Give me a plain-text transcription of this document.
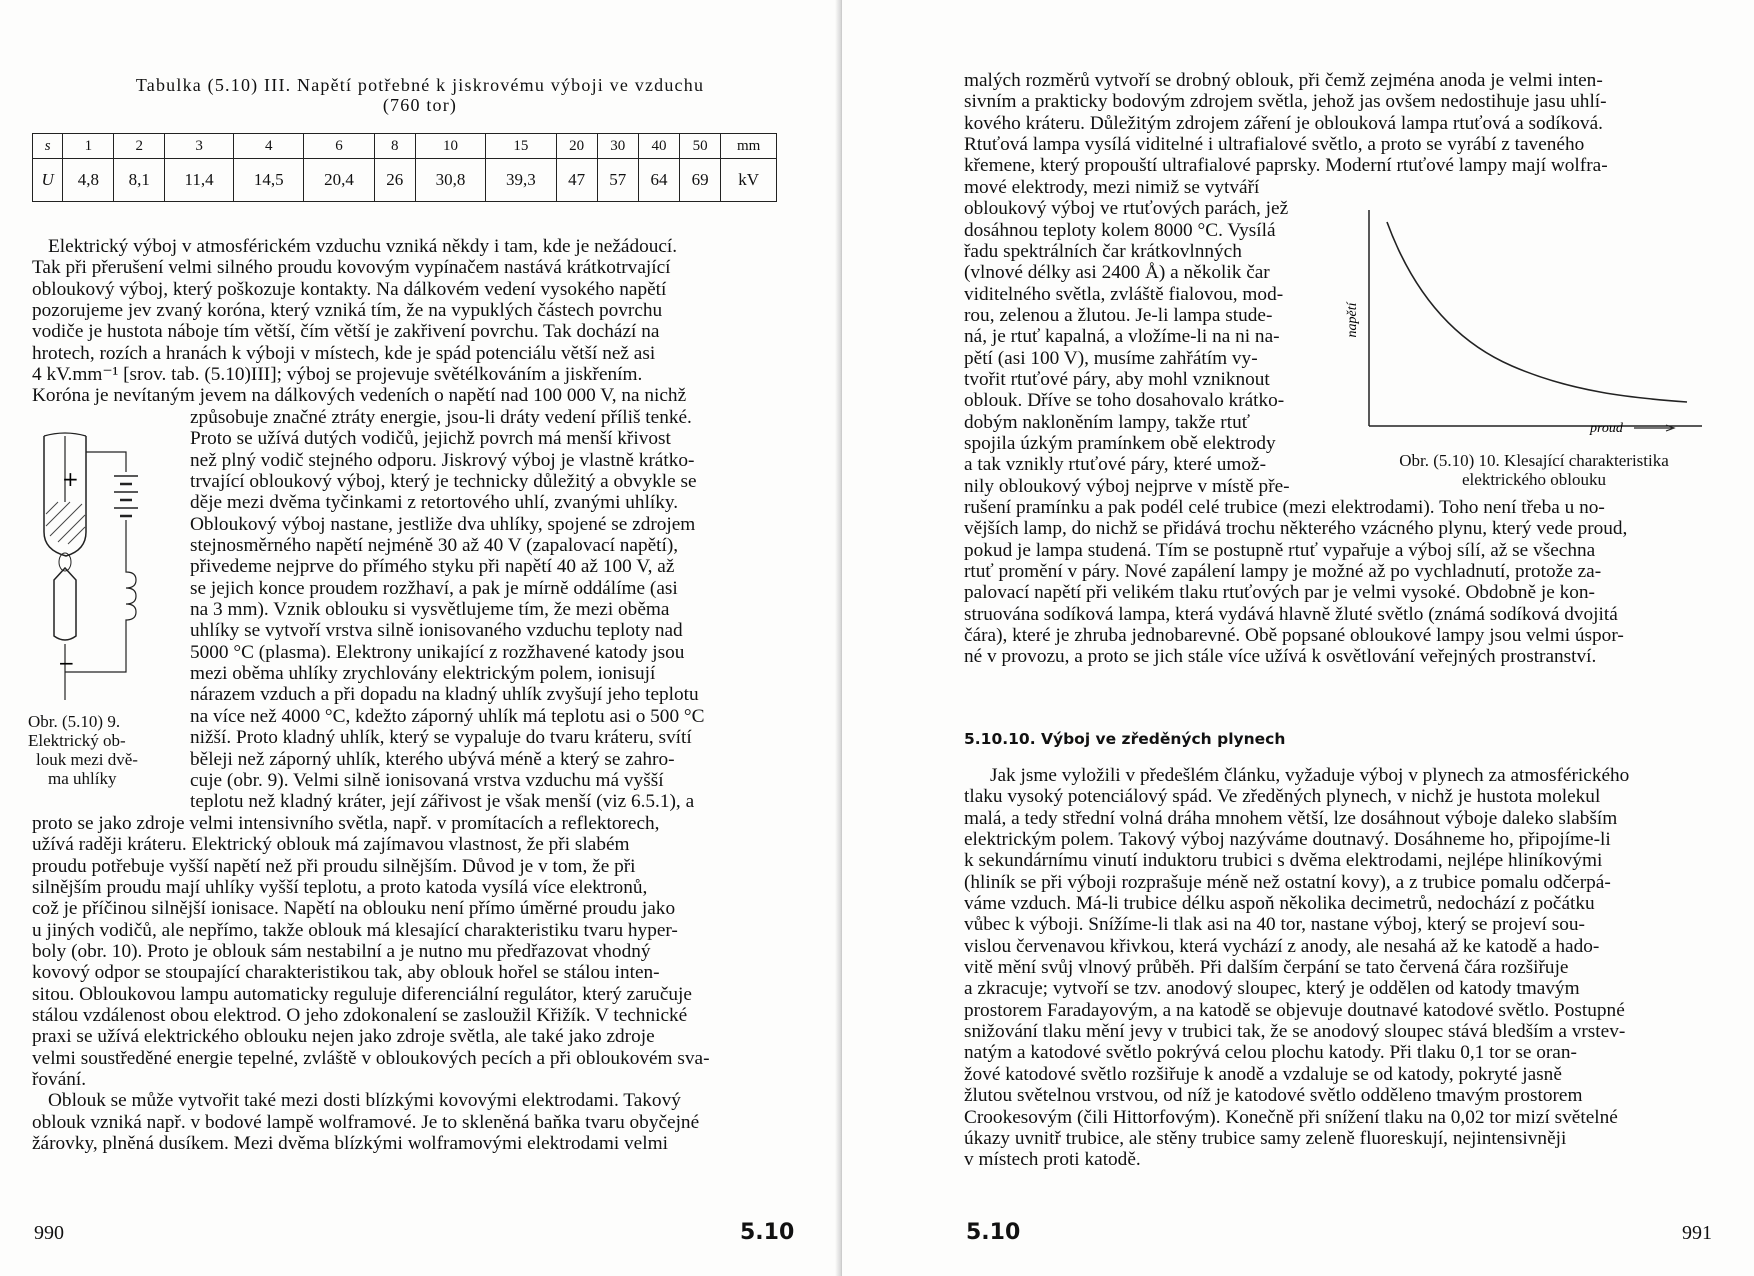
Tabulka (5.10) III. Napětí potřebné k jiskrovému výboji ve vzduchu
(760 tor)
s	1	2	3	4	6	8	10	15	20	30	40	50	mm
U	4,8	8,1	11,4	14,5	20,4	26	30,8	39,3	47	57	64	69	kV

Elektrický výboj v atmosférickém vzduchu vzniká někdy i tam, kde je nežádoucí.

Tak při přerušení velmi silného proudu kovovým vypínačem nastává krátkotrvající

obloukový výboj, který poškozuje kontakty. Na dálkovém vedení vysokého napětí

pozorujeme jev zvaný koróna, který vzniká tím, že na vypuklých částech povrchu

vodiče je hustota náboje tím větší, čím větší je zakřivení povrchu. Tak dochází na

hrotech, rozích a hranách k výboji v místech, kde je spád potenciálu větší než asi

4 kV.mm⁻¹ [srov. tab. (5.10)III]; výboj se projevuje světélkováním a jiskřením.

Koróna je nevítaným jevem na dálkových vedeních o napětí nad 100 000 V, na nichž

+
−
Obr. (5.10) 9.
Elektrický ob-
louk mezi dvě-
ma uhlíky

způsobuje značné ztráty energie, jsou-li dráty vedení příliš tenké.

Proto se užívá dutých vodičů, jejichž povrch má menší křivost

než plný vodič stejného odporu. Jiskrový výboj je vlastně krátko-

trvající obloukový výboj, který je technicky důležitý a obvykle se

děje mezi dvěma tyčinkami z retortového uhlí, zvanými uhlíky.

Obloukový výboj nastane, jestliže dva uhlíky, spojené se zdrojem

stejnosměrného napětí nejméně 30 až 40 V (zapalovací napětí),

přivedeme nejprve do přímého styku při napětí 40 až 100 V, až

se jejich konce proudem rozžhaví, a pak je mírně oddálíme (asi

na 3 mm). Vznik oblouku si vysvětlujeme tím, že mezi oběma

uhlíky se vytvoří vrstva silně ionisovaného vzduchu teploty nad

5000 °C (plasma). Elektrony unikající z rozžhavené katody jsou

mezi oběma uhlíky zrychlovány elektrickým polem, ionisují

nárazem vzduch a při dopadu na kladný uhlík zvyšují jeho teplotu

na více než 4000 °C, kdežto záporný uhlík má teplotu asi o 500 °C

nižší. Proto kladný uhlík, který se vypaluje do tvaru kráteru, svítí

běleji než záporný uhlík, kterého ubývá méně a který se zahro-

cuje (obr. 9). Velmi silně ionisovaná vrstva vzduchu má vyšší

teplotu než kladný kráter, její zářivost je však menší (viz 6.5.1), a

proto se jako zdroje velmi intensivního světla, např. v promítacích a reflektorech,

užívá raději kráteru. Elektrický oblouk má zajímavou vlastnost, že při slabém

proudu potřebuje vyšší napětí než při proudu silnějším. Důvod je v tom, že při

silnějším proudu mají uhlíky vyšší teplotu, a proto katoda vysílá více elektronů,

což je příčinou silnější ionisace. Napětí na oblouku není přímo úměrné proudu jako

u jiných vodičů, ale nepřímo, takže oblouk má klesající charakteristiku tvaru hyper-

boly (obr. 10). Proto je oblouk sám nestabilní a je nutno mu předřazovat vhodný

kovový odpor se stoupající charakteristikou tak, aby oblouk hořel se stálou inten-

sitou. Obloukovou lampu automaticky reguluje diferenciální regulátor, který zaručuje

stálou vzdálenost obou elektrod. O jeho zdokonalení se zasloužil Křižík. V technické

praxi se užívá elektrického oblouku nejen jako zdroje světla, ale také jako zdroje

velmi soustředěné energie tepelné, zvláště v obloukových pecích a při obloukovém sva-

řování.

Oblouk se může vytvořit také mezi dosti blízkými kovovými elektrodami. Takový

oblouk vzniká např. v bodové lampě wolframové. Je to skleněná baňka tvaru obyčejné

žárovky, plněná dusíkem. Mezi dvěma blízkými wolframovými elektrodami velmi

990	5.10

malých rozměrů vytvoří se drobný oblouk, při čemž zejména anoda je velmi inten-

sivním a prakticky bodovým zdrojem světla, jehož jas ovšem nedostihuje jasu uhlí-

kového kráteru. Důležitým zdrojem záření je oblouková lampa rtuťová a sodíková.

Rtuťová lampa vysílá viditelné i ultrafialové světlo, a proto se vyrábí z taveného

křemene, který propouští ultrafialové paprsky. Moderní rtuťové lampy mají wolfra-

mové elektrody, mezi nimiž se vytváří

obloukový výboj ve rtuťových parách, jež

dosáhnou teploty kolem 8000 °C. Vysílá

řadu spektrálních čar krátkovlnných

(vlnové délky asi 2400 Å) a několik čar

viditelného světla, zvláště fialovou, mod-

rou, zelenou a žlutou. Je-li lampa stude-

ná, je rtuť kapalná, a vložíme-li na ni na-

pětí (asi 100 V), musíme zahřátím vy-

tvořit rtuťové páry, aby mohl vzniknout

oblouk. Dříve se toho dosahovalo krátko-

dobým nakloněním lampy, takže rtuť

spojila úzkým pramínkem obě elektrody

a tak vznikly rtuťové páry, které umož-

nily obloukový výboj nejprve v místě pře-

napětí
proud
Obr. (5.10) 10. Klesající charakteristika
elektrického oblouku

rušení pramínku a pak podél celé trubice (mezi elektrodami). Toho není třeba u no-

vějších lamp, do nichž se přidává trochu některého vzácného plynu, který vede proud,

pokud je lampa studená. Tím se postupně rtuť vypařuje a výboj sílí, až se všechna

rtuť promění v páry. Nové zapálení lampy je možné až po vychladnutí, protože za-

palovací napětí při velikém tlaku rtuťových par je velmi vysoké. Obdobně je kon-

struována sodíková lampa, která vydává hlavně žluté světlo (známá sodíková dvojitá

čára), které je zhruba jednobarevné. Obě popsané obloukové lampy jsou velmi úspor-

né v provozu, a proto se jich stále více užívá k osvětlování veřejných prostranství.

5.10.10. Výboj ve zředěných plynech

Jak jsme vyložili v předešlém článku, vyžaduje výboj v plynech za atmosférického

tlaku vysoký potenciálový spád. Ve zředěných plynech, v nichž je hustota molekul

malá, a tedy střední volná dráha mnohem větší, lze dosáhnout výboje daleko slabším

elektrickým polem. Takový výboj nazýváme doutnavý. Dosáhneme ho, připojíme-li

k sekundárnímu vinutí induktoru trubici s dvěma elektrodami, nejlépe hliníkovými

(hliník se při výboji rozprašuje méně než ostatní kovy), a z trubice pomalu odčerpá-

váme vzduch. Má-li trubice délku aspoň několika decimetrů, nedochází z počátku

vůbec k výboji. Snížíme-li tlak asi na 40 tor, nastane výboj, který se projeví sou-

vislou červenavou křivkou, která vychází z anody, ale nesahá až ke katodě a hado-

vitě mění svůj vlnový průběh. Při dalším čerpání se tato červená čára rozšiřuje

a zkracuje; vytvoří se tzv. anodový sloupec, který je oddělen od katody tmavým

prostorem Faradayovým, a na katodě se objevuje doutnavé katodové světlo. Postupné

snižování tlaku mění jevy v trubici tak, že se anodový sloupec stává bledším a vrstev-

natým a katodové světlo pokrývá celou plochu katody. Při tlaku 0,1 tor se oran-

žové katodové světlo rozšiřuje k anodě a vzdaluje se od katody, pokryté jasně

žlutou světelnou vrstvou, od níž je katodové světlo odděleno tmavým prostorem

Crookesovým (čili Hittorfovým). Konečně při snížení tlaku na 0,02 tor mizí světelné

úkazy uvnitř trubice, ale stěny trubice samy zeleně fluoreskují, nejintensivněji

v místech proti katodě.

5.10	991
